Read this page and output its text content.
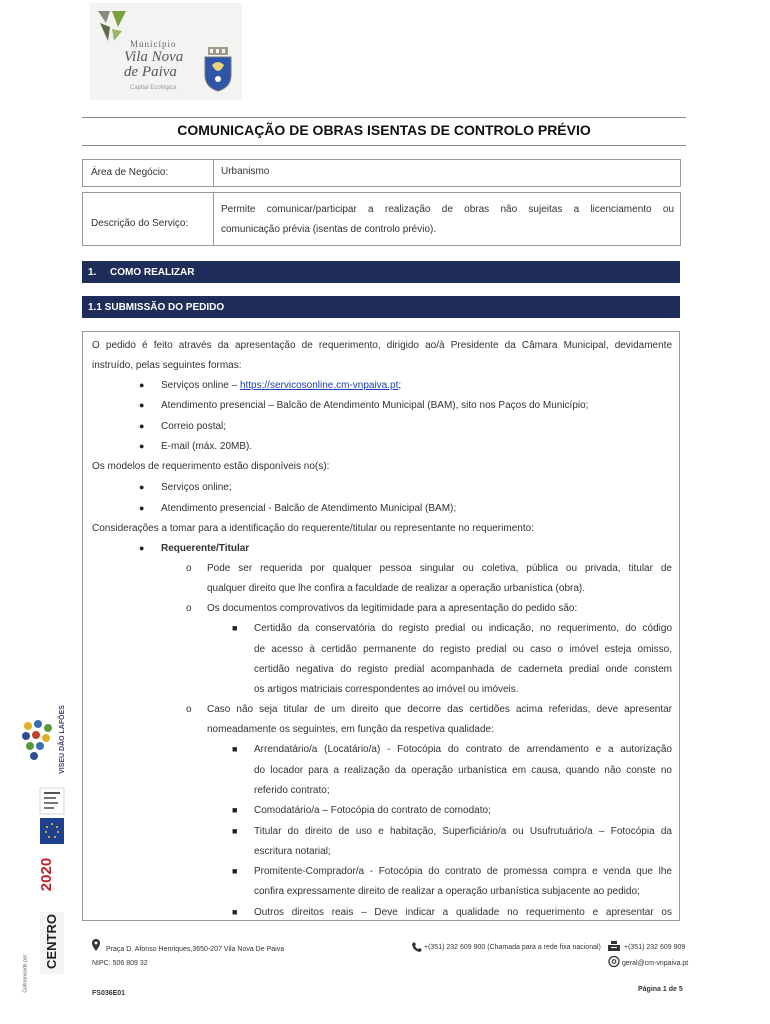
Município
Vila Nova
de Paiva
Capital Ecológica
COMUNICAÇÃO DE OBRAS ISENTAS DE CONTROLO PRÉVIO
Área de Negócio:	Urbanismo
Descrição do Serviço:
Permite comunicar/participar a realização de obras não sujeitas a licenciamento ou
comunicação prévia (isentas de controlo prévio).
1.	COMO REALIZAR
1.1 SUBMISSÃO DO PEDIDO
O pedido é feito através da apresentação de requerimento, dirigido ao/à Presidente da Câmara Municipal, devidamente
instruído, pelas seguintes formas:
● Serviços online – https://servicosonline.cm-vnpaiva.pt;
● Atendimento presencial – Balcão de Atendimento Municipal (BAM), sito nos Paços do Município;
● Correio postal;
● E-mail (máx. 20MB).
Os modelos de requerimento estão disponíveis no(s):
● Serviços online;
● Atendimento presencial - Balcão de Atendimento Municipal (BAM);
Considerações a tomar para a identificação do requerente/titular ou representante no requerimento:
● Requerente/Titular
o Pode ser requerida por qualquer pessoa singular ou coletiva, pública ou privada, titular de
qualquer direito que lhe confira a faculdade de realizar a operação urbanística (obra).
o Os documentos comprovativos da legitimidade para a apresentação do pedido são:
■ Certidão da conservatória do registo predial ou indicação, no requerimento, do código
de acesso à certidão permanente do registo predial ou caso o imóvel esteja omisso,
certidão negativa do registo predial acompanhada de caderneta predial onde constem
os artigos matriciais correspondentes ao imóvel ou imóveis.
o Caso não seja titular de um direito que decorre das certidões acima referidas, deve apresentar
nomeadamente os seguintes, em função da respetiva qualidade:
■ Arrendatário/a (Locatário/a) - Fotocópia do contrato de arrendamento e a autorização
do locador para a realização da operação urbanística em causa, quando não conste no
referido contrato;
■ Comodatário/a – Fotocópia do contrato de comodato;
■ Titular do direito de uso e habitação, Superficiário/a ou Usufrutuário/a – Fotocópia da
escritura notarial;
■ Promitente-Comprador/a - Fotocópia do contrato de promessa compra e venda que lhe
confira expressamente direito de realizar a operação urbanística subjacente ao pedido;
■ Outros direitos reais – Deve indicar a qualidade no requerimento e apresentar os
VISEU DÃO LAFÕES
2020
CENTRO
Cofinanciado por:
Praça D. Afonso Henriques,3650-207 Vila Nova De Paiva
NIPC: 506 809 32
+(351) 232 609 900 (Chamada para a rede fixa nacional)	+(351) 232 609 909
geral@cm-vnpaiva.pt
FS036E01
Página 1 de 5
